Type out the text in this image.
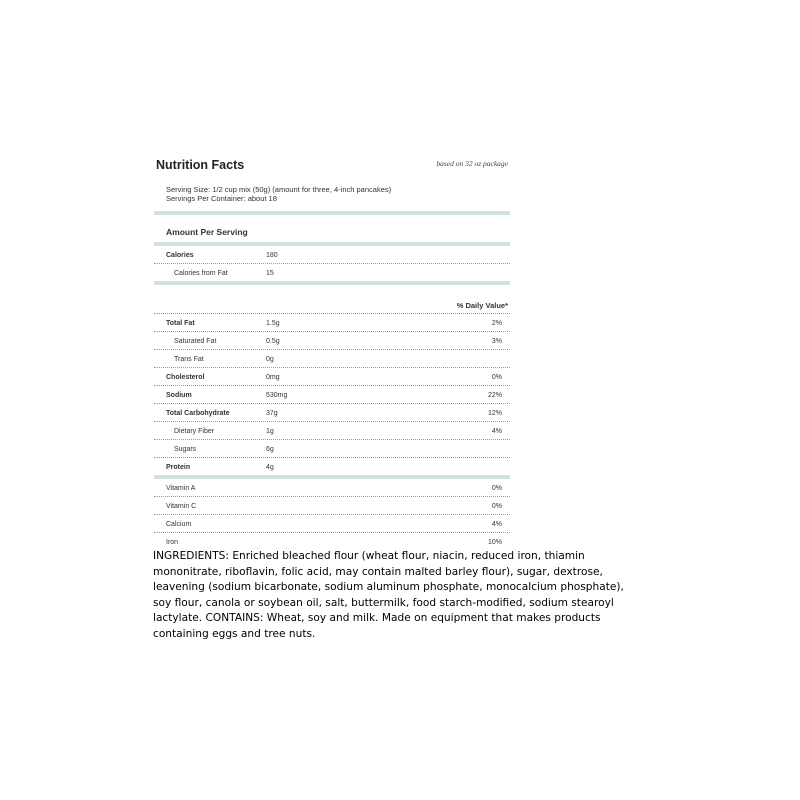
Nutrition Facts	based on 32 oz package
Serving Size: 1/2 cup mix (50g) (amount for three, 4-inch pancakes)
Servings Per Container: about 18
Amount Per Serving
Calories	180
Calories from Fat	15
% Daily Value*
Total Fat	1.5g	2%
Saturated Fat	0.5g	3%
Trans Fat	0g
Cholesterol	0mg	0%
Sodium	530mg	22%
Total Carbohydrate	37g	12%
Dietary Fiber	1g	4%
Sugars	6g
Protein	4g
Vitamin A	0%
Vitamin C	0%
Calcium	4%
Iron	10%
INGREDIENTS: Enriched bleached flour (wheat flour, niacin, reduced iron, thiamin mononitrate, riboflavin, folic acid, may contain malted barley flour), sugar, dextrose, leavening (sodium bicarbonate, sodium aluminum phosphate, monocalcium phosphate), soy flour, canola or soybean oil, salt, buttermilk, food starch-modified, sodium stearoyl lactylate. CONTAINS: Wheat, soy and milk. Made on equipment that makes products containing eggs and tree nuts.
